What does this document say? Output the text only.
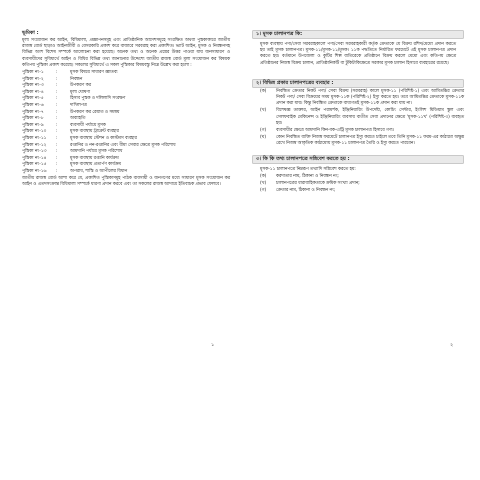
ভূমিকা :

মূল্য সংযোজন কর আইন, বিধিমালা, প্রজ্ঞাপনসমূহ এবং প্রাতিষ্ঠানিক আদেশসমূহে সংরক্ষিত অথবা পুস্তকাকারে জাতীয় রাজস্ব বোর্ড ছাড়াও আইনজীবী ও বেসরকারি প্রকাশ করে বাজারে সরবরাহ করা প্রকাশিত। ভ্যাট আইন, মুসক ও নিবন্ধনসহ বিভিন্ন অংশ বিশেষ সম্পর্কে আলোচনা করা হয়েছে। অনেক তথ্য ও অনেক প্রশ্নের উত্তর পাওয়া যায় জনসাধারণ ও ব্যবসায়ীদের সুবিধার্থে আইন ও বিধির বিভিন্ন তথ্য জানানোর উদ্দেশ্যে জাতীয় রাজস্ব বোর্ড মূল্য সংযোজন কর বিষয়ক কতিপয় পুস্তিকা প্রকাশ করেছে। সকলের সুবিধার্থে এ সকল পুস্তিকার বিষয়বস্তু নিম্নে উল্লেখ করা হলো :

পুস্তিকা নং-১	:	মূসক বিষয়ে সাধারণ জ্ঞাতব্য
পুস্তিকা নং-২	:	নিবন্ধন
পুস্তিকা নং-৩	:	উপকরণ কর
পুস্তিকা নং-৪	:	মূল্য ঘোষণা
পুস্তিকা নং-৫	:	হিসাব পুস্তক ও দলিলাদি সংরক্ষণ
পুস্তিকা নং-৬	:	দাখিলপত্র
পুস্তিকা নং-৭	:	উপকরণ কর রেয়াত ও সমন্বয়
পুস্তিকা নং-৮	:	অব্যাহতি
পুস্তিকা নং-৯	:	ব্যবসায়ী পর্যায়ে মূসক
পুস্তিকা নং-১০	:	মূসক ব্যবস্থায় ট্রাক্রেট ব্যবহার
পুস্তিকা নং-১১	:	মূসক ব্যবস্থায় স্টেশন ও কাস্টমস ব্যবহার
পুস্তিকা নং-১২	:	রপ্তানির ও নন-রপ্তানির এবং বীমা সেবার ক্ষেত্রে মূসক পরিশোধ
পুস্তিকা নং-১৩	:	আমদানি পর্যায়ে মূসক পরিশোধ
পুস্তিকা নং-১৪	:	মূসক ব্যবস্থায় রপ্তানি কার্যক্রম
পুস্তিকা নং-১৫	:	মূসক ব্যবস্থায় প্রত্যর্পণ কার্যক্রম
পুস্তিকা নং-১৬	:	অপরাধ, শাস্তি ও আপীলের বিধান

জাতীয় রাজস্ব বোর্ড আশা করে যে, প্রকাশিত পুস্তিকাসমূহ পাঠক ব্যবসায়ী ও জনগণের মধ্যে সাধারণ মূসক সংযোজন কর আইন ও এতদসংক্রান্ত বিধিমালা সম্পর্কে ধারণা প্রদান করবে এবং তা সকলের রাজস্ব আদায়ে ইতিবাচক প্রভাব ফেলবে।

১
১। মূসক চালানপত্র কি:

মূসক ব্যবস্থায় পণ্য/সেবা সরবরাহকালে পণ্য/সেবা সরবরাহকারী কর্তৃক ক্রেতাকে যে বিক্রয় রশিদ/মেমো প্রদান করতে হয় তাই মূসক চালানপত্র। মূসক-১১/মূসক-১১/মূসক। ১১ক পদ্ধতিতে নির্ধারিত ফরমেটে এই মূসক চালানপত্র প্রদান করতে হয়। বর্তমানে উপজেলা ও কুটির শিল্প ব্যতিরেকে প্রতিষ্ঠানে বিক্রয় করলে মেমো এবং কতিপয় ক্ষেত্রে প্রতিষ্ঠানের নিজস্ব বিক্রয় চালান, প্রাতিষ্ঠানিকটি বা টুকিটাকিক্ষেত্রে সরকার মূসক চালান হিসাবে ব্যবহারের রয়েছে।

২। বিভিন্ন প্রকার চালানপত্রের ব্যবহার :
(ক)	নিবন্ধিত ক্রেতার নিকট পণ্য/ সেবা বিক্রয় (সরবরাহ) কালে মূসক-১১ (পরিশিষ্ট-১) এবং আমিতব্ধির ক্রেতার নিকট পণ্য/ সেবা বিক্রয়ের সময় মূসক-১১ক (পরিশিষ্ট-২) ইস্যু করতে হয়। তবে আমিতব্ধির ক্রেতাকে মূসক-১১ক প্রদান করা যায়। কিন্তু নিবন্ধিত ক্রেতাকে বাধ্যগতই মূসক-১১ক প্রদান করা যায় না।
(খ)	বিশেষজ্ঞ ডাক্তার, আইন পরামর্শক, ইঞ্জিনিয়ারিং উপদেষ্টা, কোচিং সেন্টার, ইংলিশ মিডিয়াম স্কুল এবং সেলফবাইক মেকিনেন্স ও ইঞ্জিনিয়ারিং ব্যবসায় ব্যতীত সেবা প্রদানের ক্ষেত্রে 'মূসক-১১খ' (পরিশিষ্ট-৩) ব্যবহৃত হয়।
(গ)	ব্যবসায়ীর ক্ষেত্রে আমদানি কিন-বক-এর্ট্রি মূসক চালানপত্র হিসাবে গণ্য।
(ঘ)	কোন নিবন্ধিত ব্যক্তি নিজস্ব ফরমেটে চালানপত্র ইস্যু করতে চাইলে তবে তিনি মূসক-১১ ফরম-এর কাঠামো অক্ষুন্ন রেখে নিজস্ব আকৃতিক কাঠামোয় মূসক-১১ চালানপত্র তৈরি ও ইস্যু করতে পারবেন।
৩। কি কি তথ্য চালানপত্রে সন্নিবেশ করতে হয় :

মূসক-১১ চালানপত্রে নিম্নরূপ তথ্যাদি সন্নিবেশ করতে হয়:

(ক)	করদাতার নাম, ঠিকানা ও নিবন্ধন নং;
(খ)	চালানপত্রের ধারাবাহিকতাকে ক্রমিক সংখ্যা প্রদান;
(গ)	ক্রেতার নাম, ঠিকানা ও নিবন্ধন নং;
২
